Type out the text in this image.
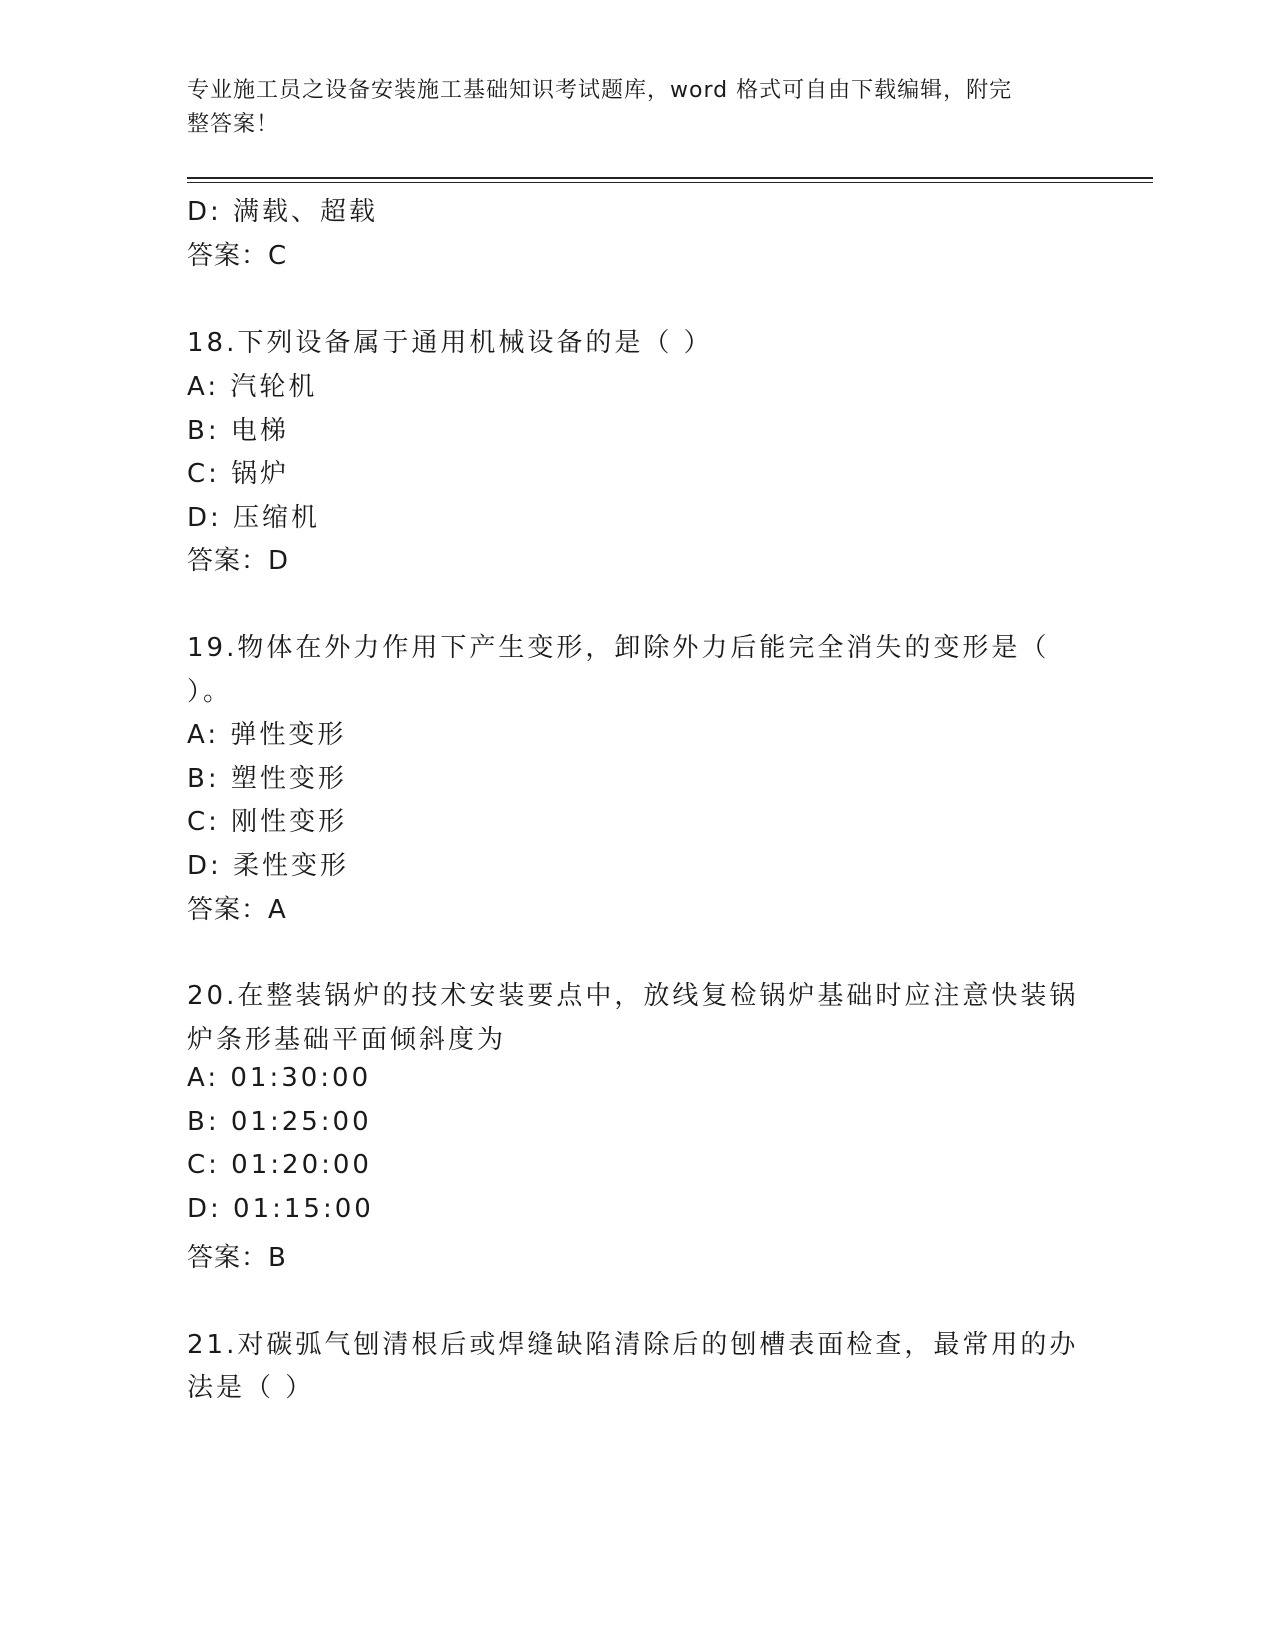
专业施工员之设备安装施工基础知识考试题库，word 格式可自由下载编辑，附完
整答案！
D: 满载、超载
答案：C
18.下列设备属于通用机械设备的是（ ）
A: 汽轮机
B: 电梯
C: 锅炉
D: 压缩机
答案：D
19.物体在外力作用下产生变形，卸除外力后能完全消失的变形是（
）。
A: 弹性变形
B: 塑性变形
C: 刚性变形
D: 柔性变形
答案：A
20.在整装锅炉的技术安装要点中，放线复检锅炉基础时应注意快装锅
炉条形基础平面倾斜度为
A: 01:30:00
B: 01:25:00
C: 01:20:00
D: 01:15:00
答案：B
21.对碳弧气刨清根后或焊缝缺陷清除后的刨槽表面检查，最常用的办
法是（ ）
